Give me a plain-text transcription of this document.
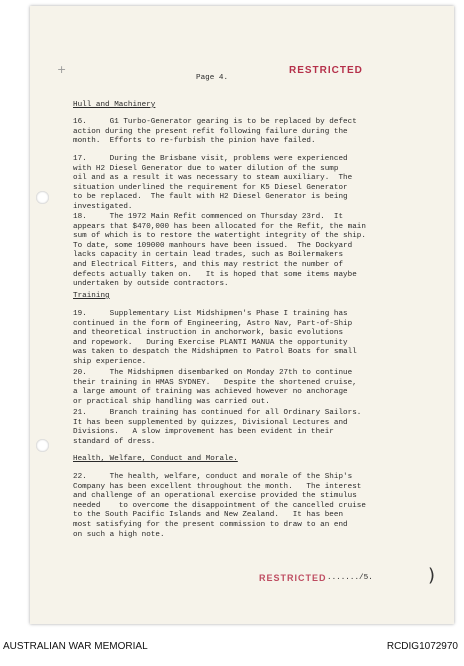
+
Page 4.
RESTRICTED
Hull and Machinery
16.     G1 Turbo-Generator gearing is to be replaced by defect
action during the present refit following failure during the
month.  Efforts to re-furbish the pinion have failed.
17.     During the Brisbane visit, problems were experienced
with H2 Diesel Generator due to water dilution of the sump
oil and as a result it was necessary to steam auxiliary.  The
situation underlined the requirement for K5 Diesel Generator
to be replaced.  The fault with H2 Diesel Generator is being
investigated.
18.     The 1972 Main Refit commenced on Thursday 23rd.  It
appears that $470,000 has been allocated for the Refit, the main
sum of which is to restore the watertight integrity of the ship.
To date, some 109000 manhours have been issued.  The Dockyard
lacks capacity in certain lead trades, such as Boilermakers
and Electrical Fitters, and this may restrict the number of
defects actually taken on.   It is hoped that some items maybe
undertaken by outside contractors.
Training
19.     Supplementary List Midshipmen's Phase I training has
continued in the form of Engineering, Astro Nav, Part-of-Ship
and theoretical instruction in anchorwork, basic evolutions
and ropework.   During Exercise PLANTI MANUA the opportunity
was taken to despatch the Midshipmen to Patrol Boats for small
ship experience.
20.     The Midshipmen disembarked on Monday 27th to continue
their training in HMAS SYDNEY.   Despite the shortened cruise,
a large amount of training was achieved however no anchorage
or practical ship handling was carried out.
21.     Branch training has continued for all Ordinary Sailors.
It has been supplemented by quizzes, Divisional Lectures and
Divisions.   A slow improvement has been evident in their
standard of dress.
Health, Welfare, Conduct and Morale.
22.     The health, welfare, conduct and morale of the Ship's
Company has been excellent throughout the month.   The interest
and challenge of an operational exercise provided the stimulus
needed    to overcome the disappointment of the cancelled cruise
to the South Pacific Islands and New Zealand.   It has been
most satisfying for the present commission to draw to an end
on such a high note.
RESTRICTED ......./5.	)
AUSTRALIAN WAR MEMORIAL	RCDIG1072970
